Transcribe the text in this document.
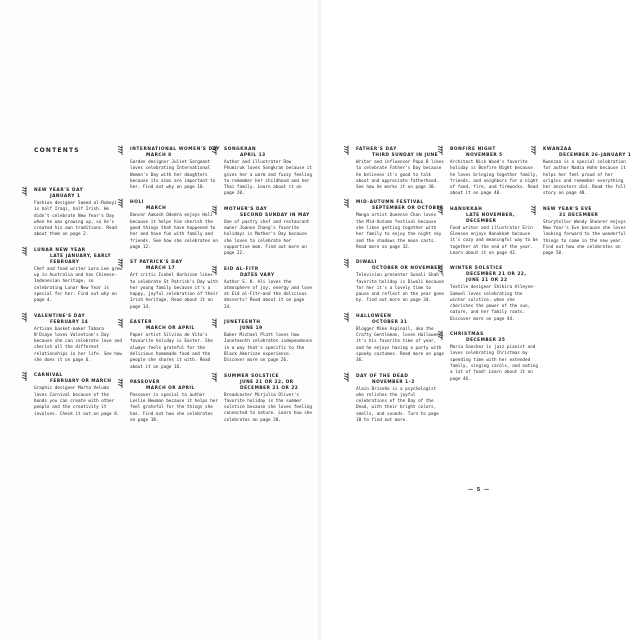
CONTENTS
NEW YEAR'S DAY
JANUARY 1
Fashion designer Saeed al-Rubeyi is half Iraqi, half Irish. He didn't celebrate New Year's Day when he was growing up, so he's created his own traditions. Read about them on page 2.
LUNAR NEW YEAR
LATE JANUARY, EARLY FEBRUARY
Chef and food writer Lara Lee grew up in Australia and has Chinese-Indonesian heritage, so celebrating Lunar New Year is special for her. Find out why on page 4.
VALENTINE'S DAY
FEBRUARY 14
Artisan basket-maker Tabara N'Diaye loves Valentine's Day because she can celebrate love and cherish all the different relationships in her life. See how she does it on page 6.
CARNIVAL
FEBRUARY OR MARCH
Graphic designer Marta Veludo loves Carnival because of the bonds you can create with other people and the creativity it involves. Check it out on page 8.
INTERNATIONAL WOMEN'S DAY
MARCH 8
Garden designer Juliet Sargeant loves celebrating International Women's Day with her daughters because its aims are important to her. Find out why on page 10.
HOLI
MARCH
Dancer Aakash Odedra enjoys Holi because it helps him cherish the good things that have happened to her and have fun with family and friends. See how she celebrates on page 12.
ST PATRICK'S DAY
MARCH 17
Art critic Isobel Harbison likes to celebrate St Patrick's Day with her young family because it's a happy, joyful celebration of their Irish heritage. Read about it on page 14.
EASTER
MARCH OR APRIL
Paper artist Silvina de Vita's favourite holiday is Easter. She always feels grateful for the delicious homemade food and the people she shares it with. Read about it on page 16.
PASSOVER
MARCH OR APRIL
Passover is special to author Leslie Newman because it helps her feel grateful for the things she has. Find out how she celebrates on page 18.
SONGKRAN
APRIL 13
Author and illustrator Dow Phumiruk loves Songkran because it gives her a warm and fuzzy feeling to remember her childhood and her Thai family. Learn about it on page 20.
MOTHER'S DAY
SECOND SUNDAY IN MAY
One of pastry chef and restaurant owner Joanne Chang's favorite holidays is Mother's Day because she loves to celebrate her supportive mom. Find out more on page 22.
EID AL-FITR
DATES VARY
Author S. K. Ali loves the atmosphere of joy, energy and love at Eid al-Fitr—and the delicious desserts! Read about it on page 24.
JUNETEENTH
JUNE 19
Baker Michael Platt loves how Juneteenth celebrates independence in a way that's specific to the Black American experience. Discover more on page 26.
SUMMER SOLSTICE
JUNE 21 OR 22, OR DECEMBER 21 OR 22
Broadcaster Mirjulia Oliver's favorite holiday is the summer solstice because she loves feeling connected to nature. Learn how she celebrates on page 28.
FATHER'S DAY
THIRD SUNDAY IN JUNE
Writer and influencer Papa B likes to celebrate Father's Day because he believes it's good to talk about and appreciate fatherhood. See how he marks it on page 30.
MID-AUTUMN FESTIVAL
SEPTEMBER OR OCTOBER
Manga artist Queenie Chan loves the Mid-Autumn festival because she likes getting together with her family to enjoy the night sky and the shadows the moon casts. Read more on page 32.
DIWALI
OCTOBER OR NOVEMBER
Television presenter Sonali Shah's favorite holiday is Diwali because for her it's a lovely time to pause and reflect on the year gone by. Find out more on page 34.
HALLOWEEN
OCTOBER 31
Blogger Mike Aspinall, aka the Crafty Gentleman, loves Halloween; it's his favorite time of year, and he enjoys having a party with spooky costumes. Read more on page 36.
DAY OF THE DEAD
NOVEMBER 1–2
Alain Briseño is a psychologist who relishes the joyful celebrations of the Day of the Dead, with their bright colors, smells, and sounds. Turn to page 38 to find out more.
BONFIRE NIGHT
NOVEMBER 5
Architect Nick Wood's favorite holiday is Bonfire Night because he loves bringing together family, friends, and neighbors for a night of food, fire, and fireworks. Read about it on page 40.
HANUKKAH
LATE NOVEMBER, DECEMBER
Food writer and illustrator Erin Gleeson enjoys Hanukkah because it's cozy and meaningful way to be together at the end of the year. Learn about it on page 42.
WINTER SOLSTICE
DECEMBER 21 OR 22, JUNE 21 OR 22
Textile designer Shikira Alleyne-Samuel loves celebrating the winter solstice, when she cherishes the power of the sun, nature, and her family roots. Discover more on page 44.
CHRISTMAS
DECEMBER 25
Maria Sanchez is jazz pianist and loves celebrating Christmas by spending time with her extended family, singing carols, and eating a lot of food! Learn about it on page 46.
KWANZAA
DECEMBER 26–JANUARY 1
Kwanzaa is a special celebration for author Nadia Hohn because it helps her feel proud of her origins and remember everything her ancestors did. Read the full story on page 48.
NEW YEAR'S EVE
31 DECEMBER
Storyteller Wendy Shearer enjoys New Year's Eve because she loves looking forward to the wonderful things to come in the new year. Find out how she celebrates on page 50.
— 5 —
